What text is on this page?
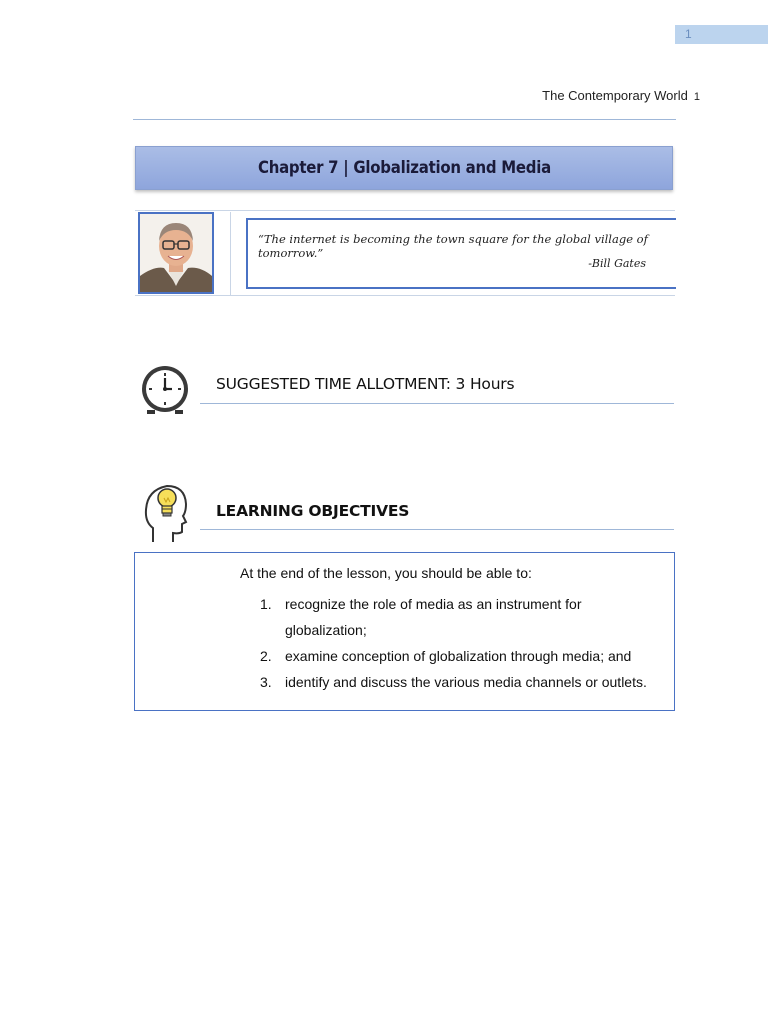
1
The Contemporary World 1
Chapter 7 | Globalization and Media
“The internet is becoming the town square for the global village of tomorrow.”
-Bill Gates
SUGGESTED TIME ALLOTMENT: 3 Hours
LEARNING OBJECTIVES
At the end of the lesson, you should be able to:
1. recognize the role of media as an instrument for globalization;
2. examine conception of globalization through media; and
3. identify and discuss the various media channels or outlets.
